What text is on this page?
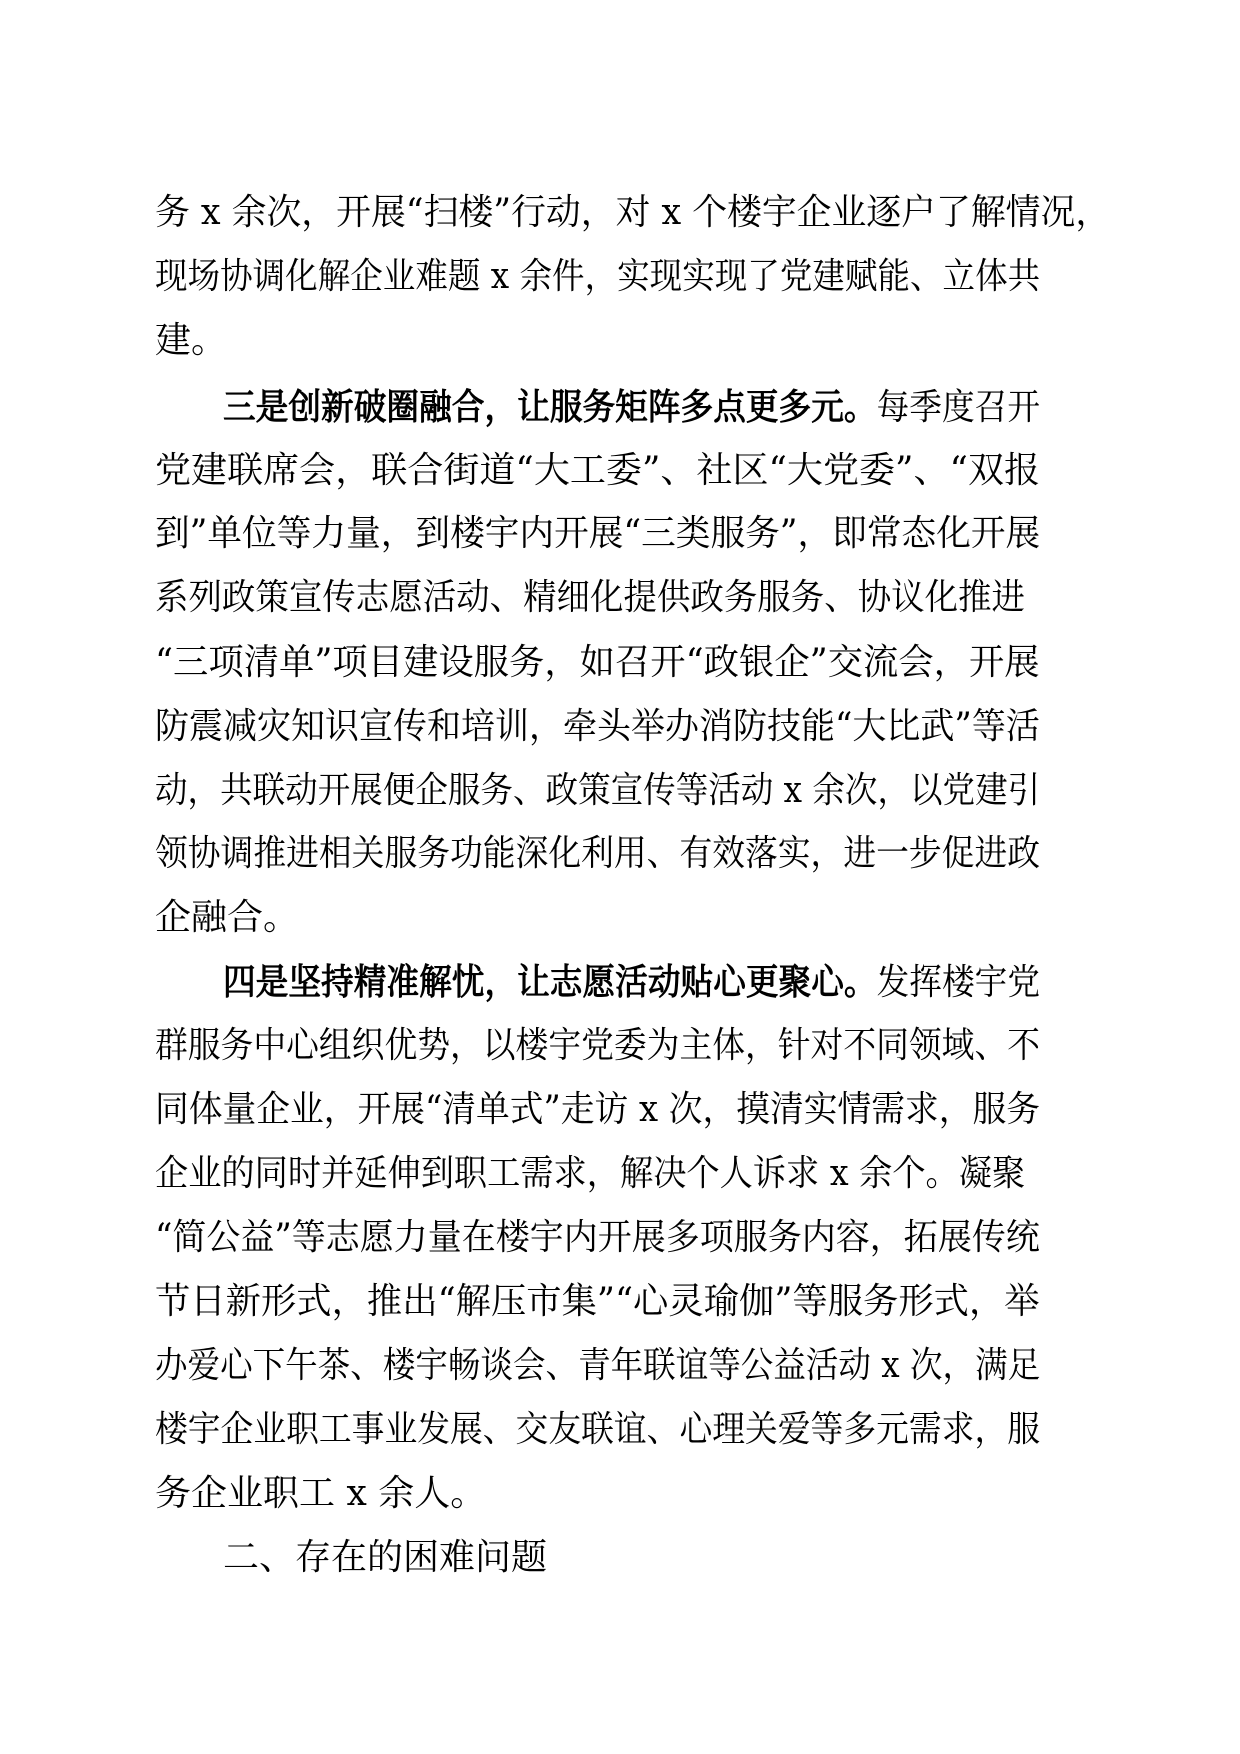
务 x 余次，开展“扫楼”行动，对 x 个楼宇企业逐户了解情况，

现场协调化解企业难题 x 余件，实现实现了党建赋能、立体共

建。

三是创新破圈融合，让服务矩阵多点更多元。每季度召开

党建联席会，联合街道“大工委”、社区“大党委”、“双报

到”单位等力量，到楼宇内开展“三类服务”，即常态化开展

系列政策宣传志愿活动、精细化提供政务服务、协议化推进

“三项清单”项目建设服务，如召开“政银企”交流会，开展

防震减灾知识宣传和培训，牵头举办消防技能“大比武”等活

动，共联动开展便企服务、政策宣传等活动 x 余次，以党建引

领协调推进相关服务功能深化利用、有效落实，进一步促进政

企融合。

四是坚持精准解忧，让志愿活动贴心更聚心。发挥楼宇党

群服务中心组织优势，以楼宇党委为主体，针对不同领域、不

同体量企业，开展“清单式”走访 x 次，摸清实情需求，服务

企业的同时并延伸到职工需求，解决个人诉求 x 余个。凝聚

“简公益”等志愿力量在楼宇内开展多项服务内容，拓展传统

节日新形式，推出“解压市集”“心灵瑜伽”等服务形式，举

办爱心下午茶、楼宇畅谈会、青年联谊等公益活动 x 次，满足

楼宇企业职工事业发展、交友联谊、心理关爱等多元需求，服

务企业职工 x 余人。

二、存在的困难问题
